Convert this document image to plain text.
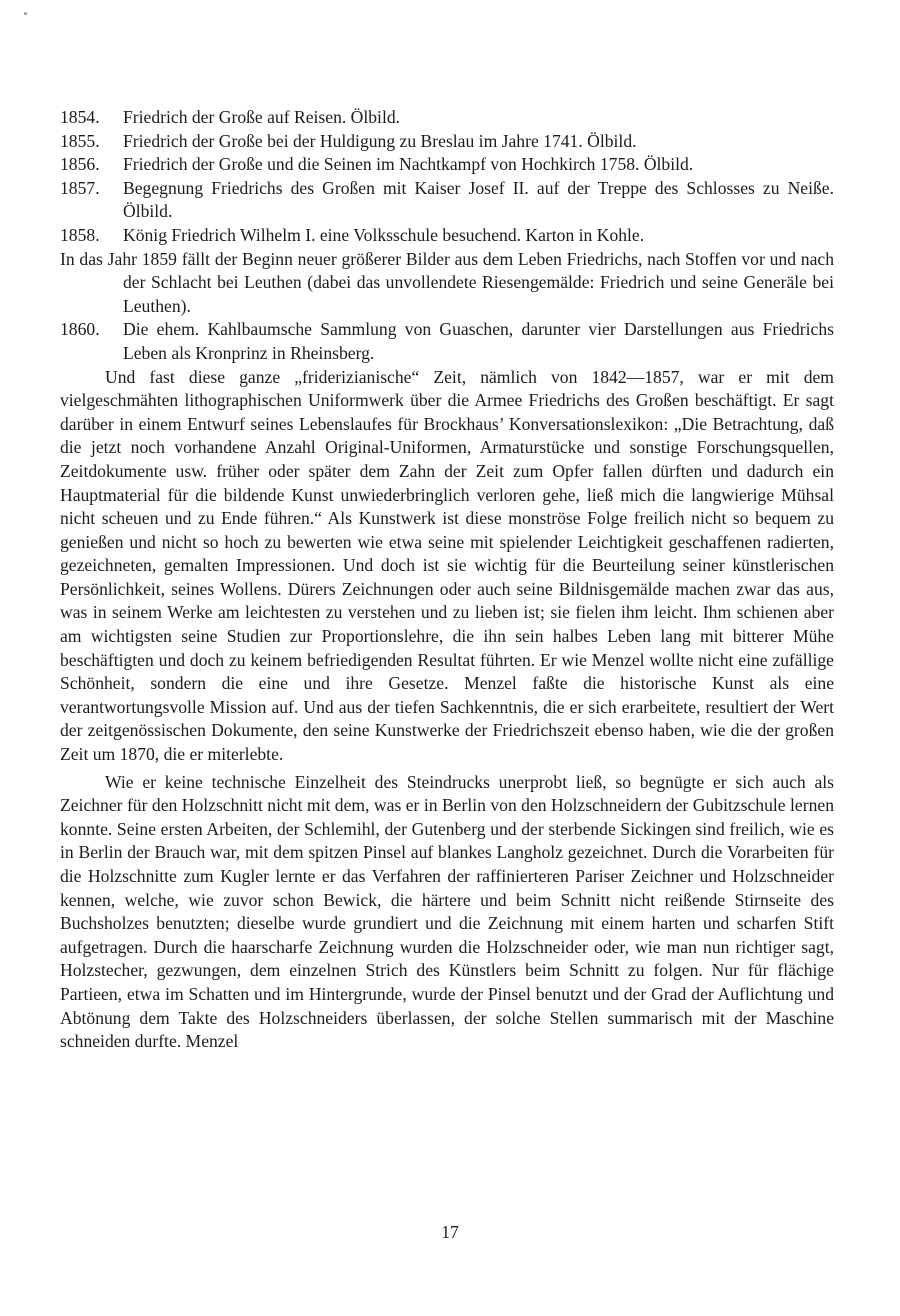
1854.	Friedrich der Große auf Reisen. Ölbild.
1855.	Friedrich der Große bei der Huldigung zu Breslau im Jahre 1741. Ölbild.
1856.	Friedrich der Große und die Seinen im Nachtkampf von Hochkirch 1758. Ölbild.
1857.	Begegnung Friedrichs des Großen mit Kaiser Josef II. auf der Treppe des Schlosses zu Neiße. Ölbild.
1858.	König Friedrich Wilhelm I. eine Volksschule besuchend. Karton in Kohle.

In das Jahr 1859 fällt der Beginn neuer größerer Bilder aus dem Leben Friedrichs, nach Stoffen vor und nach der Schlacht bei Leuthen (dabei das unvollendete Riesengemälde: Friedrich und seine Generäle bei Leuthen).

1860.	Die ehem. Kahlbaumsche Sammlung von Guaschen, darunter vier Darstellungen aus Friedrichs Leben als Kronprinz in Rheinsberg.

Und fast diese ganze „friderizianische“ Zeit, nämlich von 1842—1857, war er mit dem vielgeschmähten lithographischen Uniformwerk über die Armee Friedrichs des Großen beschäftigt. Er sagt darüber in einem Entwurf seines Lebenslaufes für Brockhaus’ Konversationslexikon: „Die Betrachtung, daß die jetzt noch vorhandene Anzahl Original-Uniformen, Armaturstücke und sonstige Forschungsquellen, Zeitdokumente usw. früher oder später dem Zahn der Zeit zum Opfer fallen dürften und dadurch ein Hauptmaterial für die bildende Kunst unwiederbringlich verloren gehe, ließ mich die langwierige Mühsal nicht scheuen und zu Ende führen.“ Als Kunstwerk ist diese monströse Folge freilich nicht so bequem zu genießen und nicht so hoch zu bewerten wie etwa seine mit spielender Leichtigkeit geschaffenen radierten, gezeichneten, gemalten Impressionen. Und doch ist sie wichtig für die Beurteilung seiner künstlerischen Persönlichkeit, seines Wollens. Dürers Zeichnungen oder auch seine Bildnisgemälde machen zwar das aus, was in seinem Werke am leichtesten zu verstehen und zu lieben ist; sie fielen ihm leicht. Ihm schienen aber am wichtigsten seine Studien zur Proportionslehre, die ihn sein halbes Leben lang mit bitterer Mühe beschäftigten und doch zu keinem befriedigenden Resultat führten. Er wie Menzel wollte nicht eine zufällige Schönheit, sondern die eine und ihre Gesetze. Menzel faßte die historische Kunst als eine verantwortungsvolle Mission auf. Und aus der tiefen Sachkenntnis, die er sich erarbeitete, resultiert der Wert der zeitgenössischen Dokumente, den seine Kunstwerke der Friedrichszeit ebenso haben, wie die der großen Zeit um 1870, die er miterlebte.

Wie er keine technische Einzelheit des Steindrucks unerprobt ließ, so begnügte er sich auch als Zeichner für den Holzschnitt nicht mit dem, was er in Berlin von den Holzschneidern der Gubitzschule lernen konnte. Seine ersten Arbeiten, der Schlemihl, der Gutenberg und der sterbende Sickingen sind freilich, wie es in Berlin der Brauch war, mit dem spitzen Pinsel auf blankes Langholz gezeichnet. Durch die Vorarbeiten für die Holzschnitte zum Kugler lernte er das Verfahren der raffinierteren Pariser Zeichner und Holzschneider kennen, welche, wie zuvor schon Bewick, die härtere und beim Schnitt nicht reißende Stirnseite des Buchsholzes benutzten; dieselbe wurde grundiert und die Zeichnung mit einem harten und scharfen Stift aufgetragen. Durch die haarscharfe Zeichnung wurden die Holzschneider oder, wie man nun richtiger sagt, Holzstecher, gezwungen, dem einzelnen Strich des Künstlers beim Schnitt zu folgen. Nur für flächige Partieen, etwa im Schatten und im Hintergrunde, wurde der Pinsel benutzt und der Grad der Auflichtung und Abtönung dem Takte des Holzschneiders überlassen, der solche Stellen summarisch mit der Maschine schneiden durfte. Menzel

17
